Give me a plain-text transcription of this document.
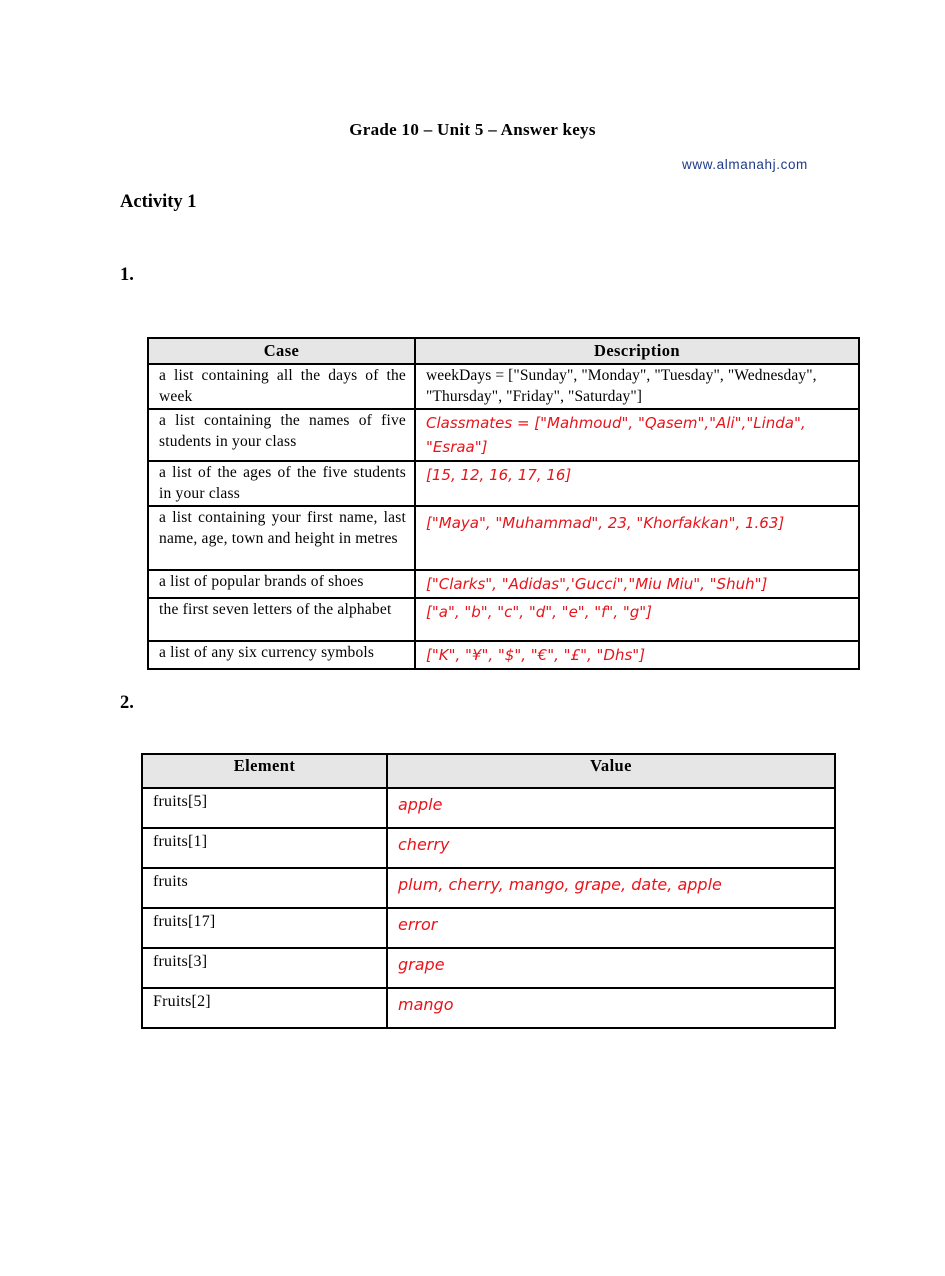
Grade 10 – Unit 5 – Answer keys
www.almanahj.com
Activity 1
1.
Case	Description
a list containing all the days of the week	weekDays = ["Sunday", "Monday", "Tuesday", "Wednesday", "Thursday", "Friday", "Saturday"]
a list containing the names of five students in your class	Classmates = ["Mahmoud", "Qasem","Ali","Linda", "Esraa"]
a list of the ages of the five students in your class	[15, 12, 16, 17, 16]
a list containing your first name, last name, age, town and height in metres	["Maya", "Muhammad", 23, "Khorfakkan", 1.63]
a list of popular brands of shoes	["Clarks", "Adidas",'Gucci","Miu Miu", "Shuh"]
the first seven letters of the alphabet	["a", "b", "c", "d", "e", "f", "g"]
a list of any six currency symbols	["K", "¥", "$", "€", "£", "Dhs"]
2.
Element	Value
fruits[5]	apple
fruits[1]	cherry
fruits	plum, cherry, mango, grape, date, apple
fruits[17]	error
fruits[3]	grape
Fruits[2]	mango
